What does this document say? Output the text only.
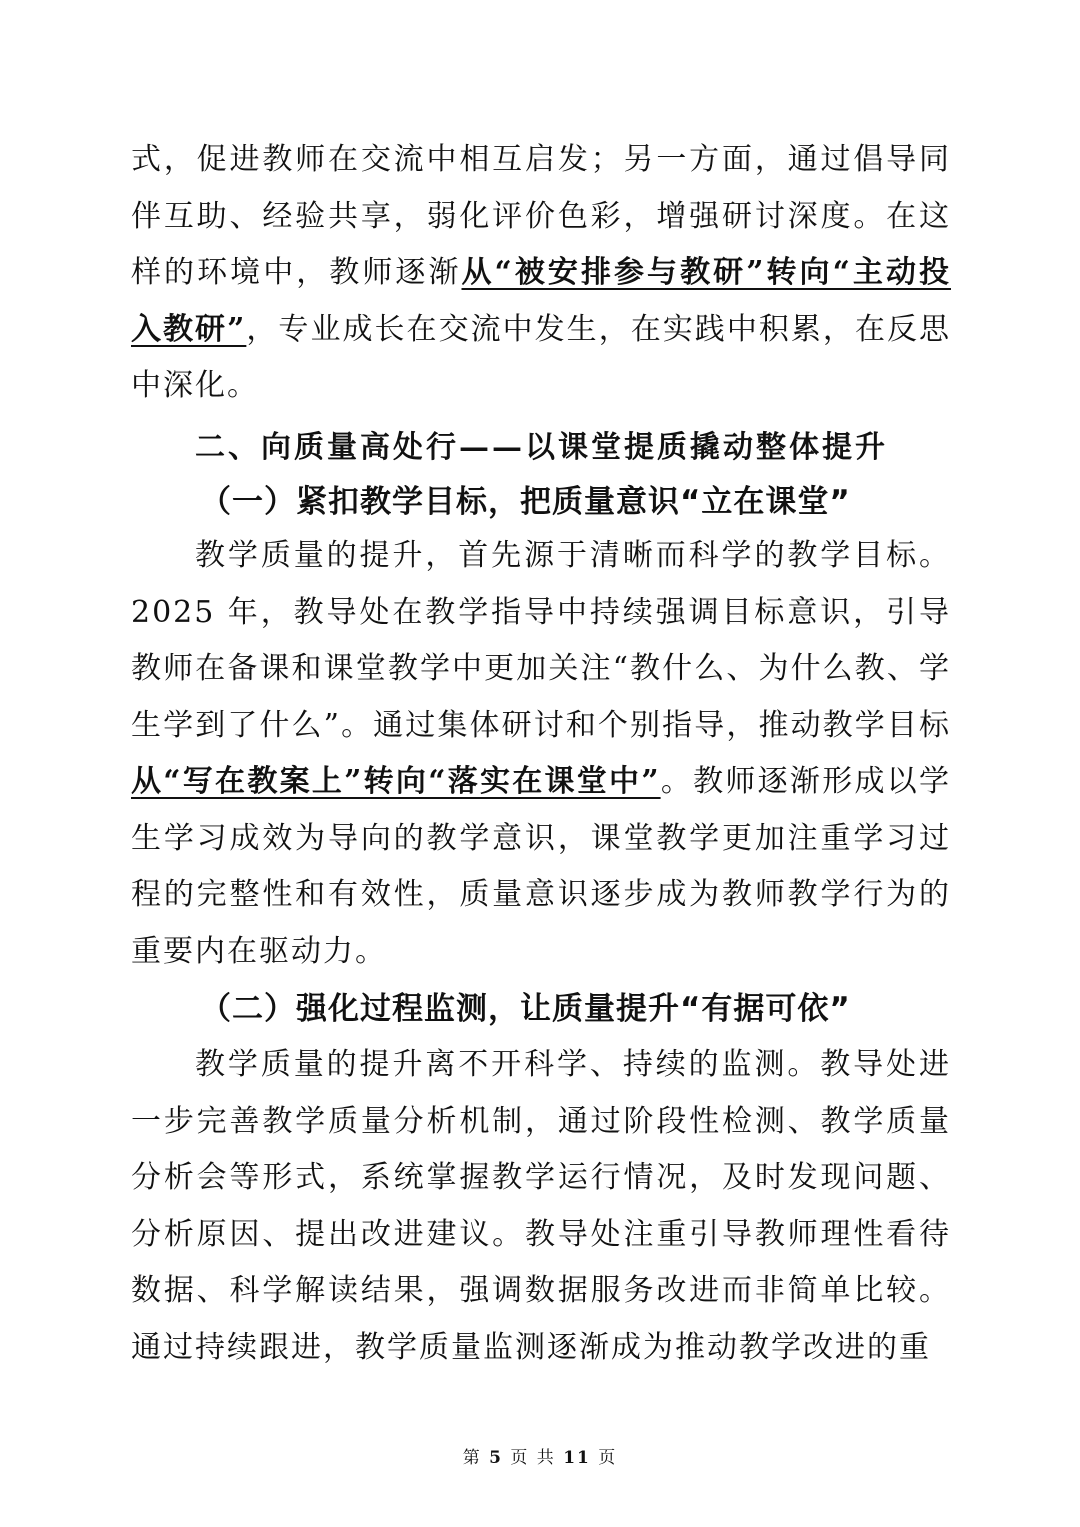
式，促进教师在交流中相互启发；另一方面，通过倡导同伴互助、经验共享，弱化评价色彩，增强研讨深度。在这样的环境中，教师逐渐从“被安排参与教研”转向“主动投入教研”，专业成长在交流中发生，在实践中积累，在反思中深化。

二、向质量高处行——以课堂提质撬动整体提升
（一）紧扣教学目标，把质量意识“立在课堂”

教学质量的提升，首先源于清晰而科学的教学目标。2025 年，教导处在教学指导中持续强调目标意识，引导教师在备课和课堂教学中更加关注“教什么、为什么教、学生学到了什么”。通过集体研讨和个别指导，推动教学目标从“写在教案上”转向“落实在课堂中”。教师逐渐形成以学生学习成效为导向的教学意识，课堂教学更加注重学习过程的完整性和有效性，质量意识逐步成为教师教学行为的重要内在驱动力。

（二）强化过程监测，让质量提升“有据可依”

教学质量的提升离不开科学、持续的监测。教导处进一步完善教学质量分析机制，通过阶段性检测、教学质量分析会等形式，系统掌握教学运行情况，及时发现问题、分析原因、提出改进建议。教导处注重引导教师理性看待数据、科学解读结果，强调数据服务改进而非简单比较。通过持续跟进，教学质量监测逐渐成为推动教学改进的重

第 5 页 共 11 页
